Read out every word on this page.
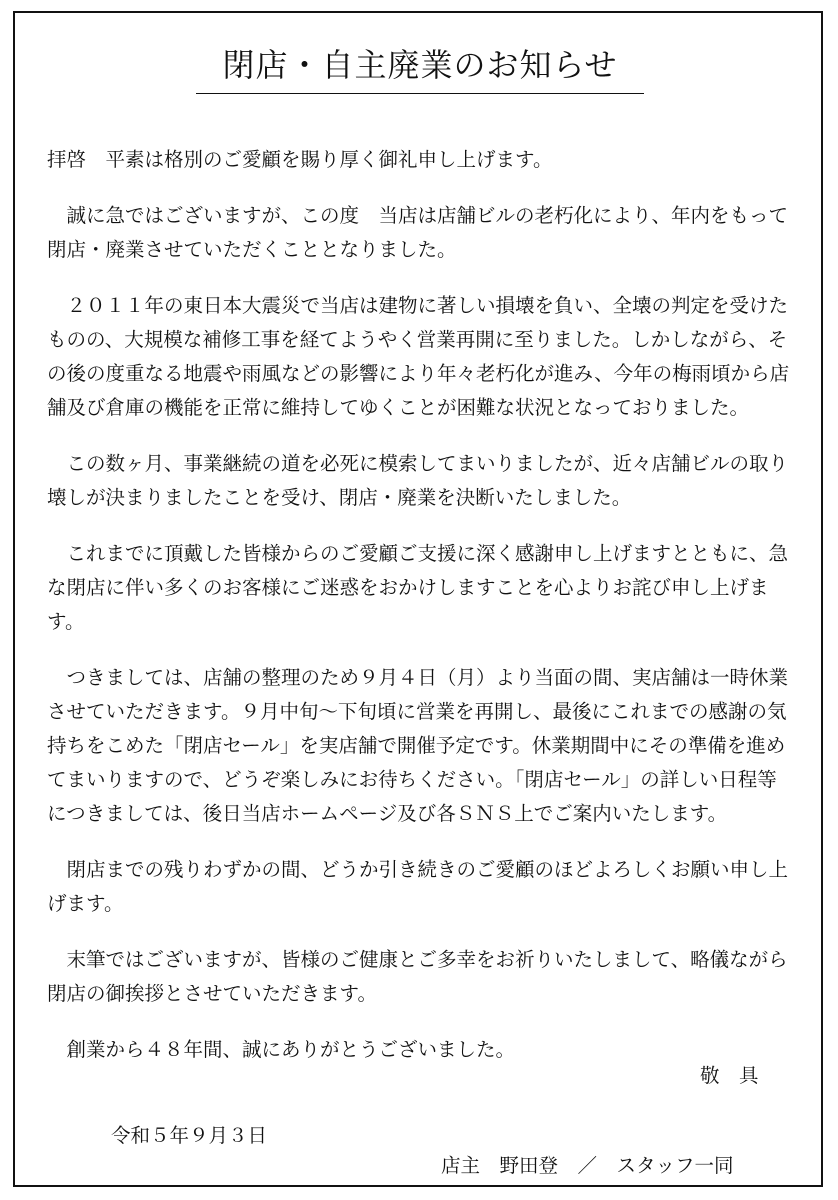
閉店・自主廃業のお知らせ

拝啓　平素は格別のご愛顧を賜り厚く御礼申し上げます。

　誠に急ではございますが、この度　当店は店舗ビルの老朽化により、年内をもって閉店・廃業させていただくこととなりました。

　２０１１年の東日本大震災で当店は建物に著しい損壊を負い、全壊の判定を受けたものの、大規模な補修工事を経てようやく営業再開に至りました。しかしながら、その後の度重なる地震や雨風などの影響により年々老朽化が進み、今年の梅雨頃から店舗及び倉庫の機能を正常に維持してゆくことが困難な状況となっておりました。

　この数ヶ月、事業継続の道を必死に模索してまいりましたが、近々店舗ビルの取り壊しが決まりましたことを受け、閉店・廃業を決断いたしました。

　これまでに頂戴した皆様からのご愛顧ご支援に深く感謝申し上げますとともに、急な閉店に伴い多くのお客様にご迷惑をおかけしますことを心よりお詫び申し上げます。

　つきましては、店舗の整理のため９月４日（月）より当面の間、実店舗は一時休業させていただきます。９月中旬～下旬頃に営業を再開し、最後にこれまでの感謝の気持ちをこめた「閉店セール」を実店舗で開催予定です。休業期間中にその準備を進めてまいりますので、どうぞ楽しみにお待ちください。「閉店セール」の詳しい日程等につきましては、後日当店ホームページ及び各ＳＮＳ上でご案内いたします。

　閉店までの残りわずかの間、どうか引き続きのご愛顧のほどよろしくお願い申し上げます。

　末筆ではございますが、皆様のご健康とご多幸をお祈りいたしまして、略儀ながら閉店の御挨拶とさせていただきます。

　創業から４８年間、誠にありがとうございました。

敬　具
令和５年９月３日
店主　野田登　／　スタッフ一同
